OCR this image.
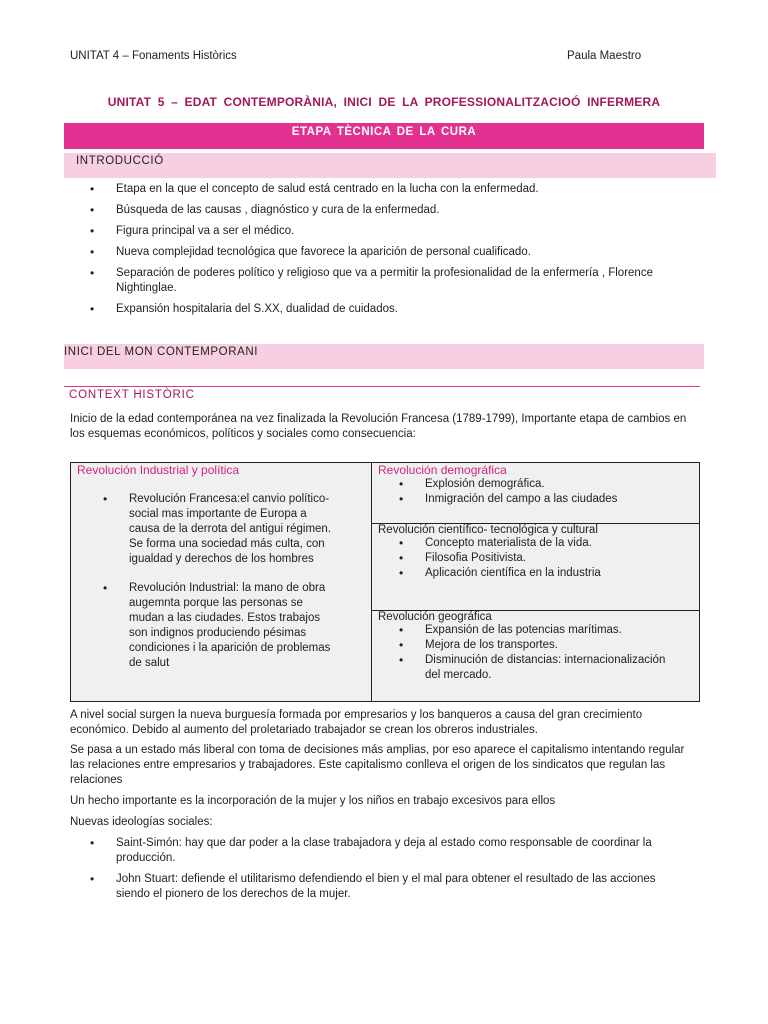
UNITAT 4 – Fonaments Històrics	Paula Maestro
UNITAT 5 – EDAT CONTEMPORÀNIA, INICI DE LA PROFESSIONALITZACIOÓ INFERMERA
ETAPA TÈCNICA DE LA CURA
INTRODUCCIÓ
• Etapa en la que el concepto de salud está centrado en la lucha con la enfermedad.
• Búsqueda de las causas , diagnóstico y cura de la enfermedad.
• Figura principal va a ser el médico.
• Nueva complejidad tecnológica que favorece la aparición de personal cualificado.
• Separación de poderes político y religioso que va a permitir la profesionalidad de la enfermería , Florence Nightinglae.
• Expansión hospitalaria del S.XX, dualidad de cuidados.
INICI DEL MON CONTEMPORANI
CONTEXT HISTÒRIC
Inicio de la edad contemporánea na vez finalizada la Revolución Francesa (1789-1799), Importante etapa de cambios en los esquemas económicos, políticos y sociales como consecuencia:
Revolución Industrial y política
• Revolución Francesa:el canvio político-social mas importante de Europa a causa de la derrota del antigui régimen. Se forma una sociedad más culta, con igualdad y derechos de los hombres
• Revolución Industrial: la mano de obra augemnta porque las personas se mudan a las ciudades. Estos trabajos son indignos produciendo pésimas condiciones i la aparición de problemas de salut
Revolución demográfica
• Explosión demográfica.
• Inmigración del campo a las ciudades
Revolución científico- tecnológica y cultural
• Concepto materialista de la vida.
• Filosofia Positivista.
• Aplicación científica en la industria
Revolución geográfica
• Expansión de las potencias marítimas.
• Mejora de los transportes.
• Disminución de distancias: internacionalización del mercado.
A nivel social surgen la nueva burguesía formada por empresarios y los banqueros a causa del gran crecimiento económico. Debido al aumento del proletariado trabajador se crean los obreros industriales.
Se pasa a un estado más liberal con toma de decisiones más amplias, por eso aparece el capitalismo intentando regular las relaciones entre empresarios y trabajadores. Este capitalismo conlleva el origen de los sindicatos que regulan las relaciones
Un hecho importante es la incorporación de la mujer y los niños en trabajo excesivos para ellos
Nuevas ideologías sociales:
• Saint-Simón: hay que dar poder a la clase trabajadora y deja al estado como responsable de coordinar la producción.
• John Stuart: defiende el utilitarismo defendiendo el bien y el mal para obtener el resultado de las acciones siendo el pionero de los derechos de la mujer.
